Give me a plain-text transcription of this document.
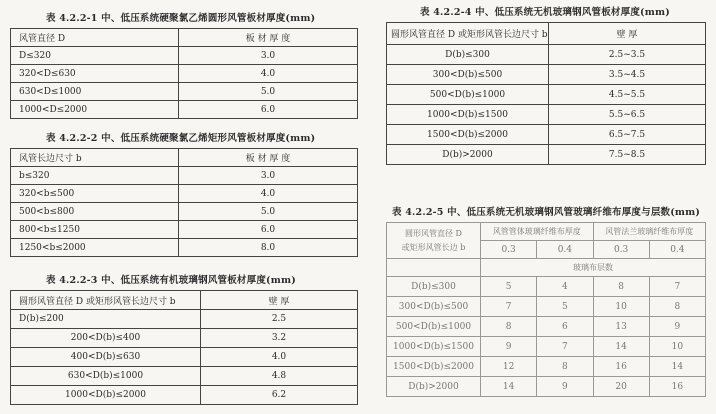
表 4.2.2-1 中、低压系统硬聚氯乙烯圆形风管板材厚度(mm)
风管直径 D	板 材 厚 度
D≤320	3.0
320<D≤630	4.0
630<D≤1000	5.0
1000<D≤2000	6.0
表 4.2.2-2 中、低压系统硬聚氯乙烯矩形风管板材厚度(mm)
风管长边尺寸 b	板 材 厚 度
b≤320	3.0
320<b≤500	4.0
500<b≤800	5.0
800<b≤1250	6.0
1250<b≤2000	8.0
表 4.2.2-3 中、低压系统有机玻璃钢风管板材厚度(mm)
圆形风管直径 D 或矩形风管长边尺寸 b	壁 厚
D(b)≤200	2.5
200<D(b)≤400	3.2
400<D(b)≤630	4.0
630<D(b)≤1000	4.8
1000<D(b)≤2000	6.2
表 4.2.2-4 中、低压系统无机玻璃钢风管板材厚度(mm)
圆形风管直径 D 或矩形风管长边尺寸 b	壁 厚
D(b)≤300	2.5~3.5
300<D(b)≤500	3.5~4.5
500<D(b)≤1000	4.5~5.5
1000<D(b)≤1500	5.5~6.5
1500<D(b)≤2000	6.5~7.5
D(b)>2000	7.5~8.5
表 4.2.2-5 中、低压系统无机玻璃钢风管玻璃纤维布厚度与层数(mm)
圆形风管直径 D
或矩形风管长边 b	风管管体玻璃纤维布厚度		风管法兰玻璃纤维布厚度	
	0.3	0.4	0.3	0.4
	玻璃布层数			
D(b)≤300	5	4	8	7
300<D(b)≤500	7	5	10	8
500<D(b)≤1000	8	6	13	9
1000<D(b)≤1500	9	7	14	10
1500<D(b)≤2000	12	8	16	14
D(b)>2000	14	9	20	16
